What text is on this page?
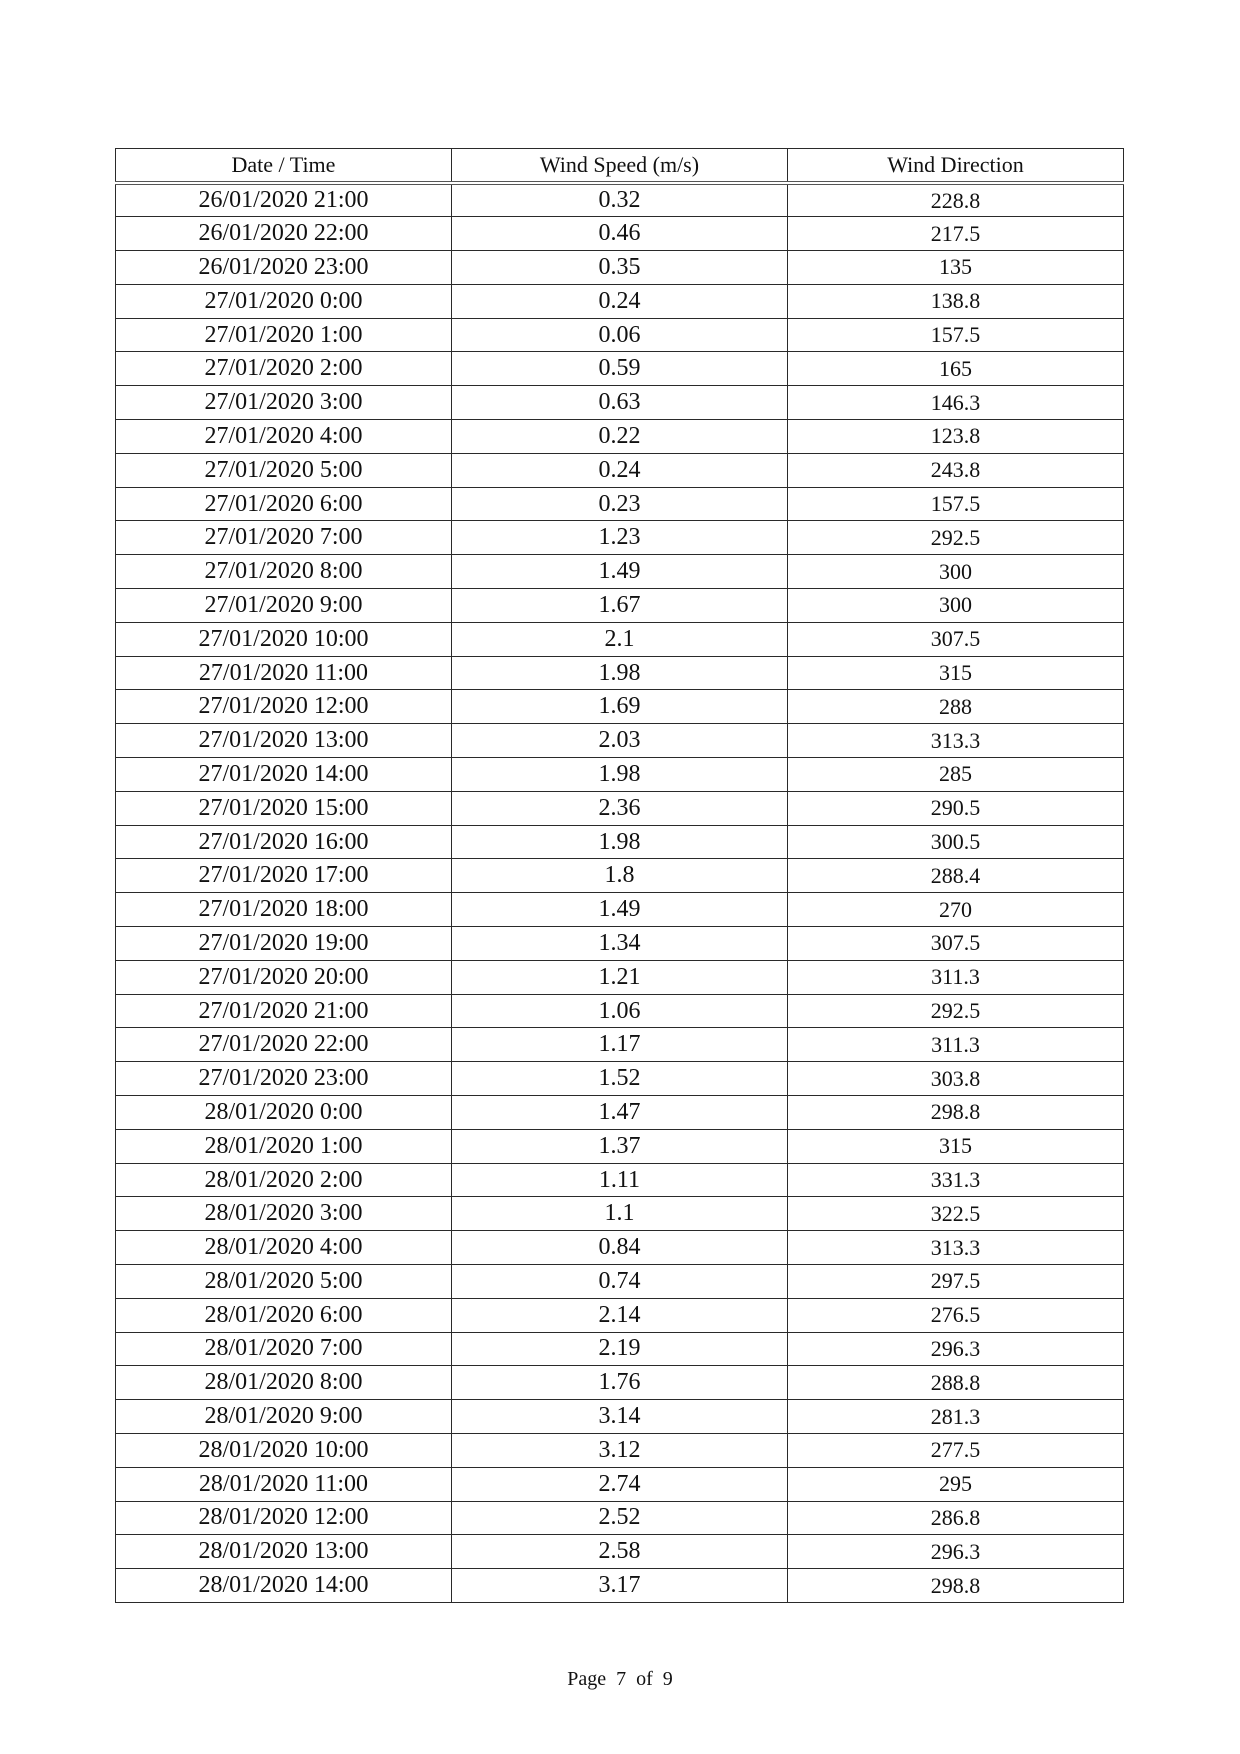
Date / Time	Wind Speed (m/s)	Wind Direction
26/01/2020 21:00	0.32	228.8
26/01/2020 22:00	0.46	217.5
26/01/2020 23:00	0.35	135
27/01/2020 0:00	0.24	138.8
27/01/2020 1:00	0.06	157.5
27/01/2020 2:00	0.59	165
27/01/2020 3:00	0.63	146.3
27/01/2020 4:00	0.22	123.8
27/01/2020 5:00	0.24	243.8
27/01/2020 6:00	0.23	157.5
27/01/2020 7:00	1.23	292.5
27/01/2020 8:00	1.49	300
27/01/2020 9:00	1.67	300
27/01/2020 10:00	2.1	307.5
27/01/2020 11:00	1.98	315
27/01/2020 12:00	1.69	288
27/01/2020 13:00	2.03	313.3
27/01/2020 14:00	1.98	285
27/01/2020 15:00	2.36	290.5
27/01/2020 16:00	1.98	300.5
27/01/2020 17:00	1.8	288.4
27/01/2020 18:00	1.49	270
27/01/2020 19:00	1.34	307.5
27/01/2020 20:00	1.21	311.3
27/01/2020 21:00	1.06	292.5
27/01/2020 22:00	1.17	311.3
27/01/2020 23:00	1.52	303.8
28/01/2020 0:00	1.47	298.8
28/01/2020 1:00	1.37	315
28/01/2020 2:00	1.11	331.3
28/01/2020 3:00	1.1	322.5
28/01/2020 4:00	0.84	313.3
28/01/2020 5:00	0.74	297.5
28/01/2020 6:00	2.14	276.5
28/01/2020 7:00	2.19	296.3
28/01/2020 8:00	1.76	288.8
28/01/2020 9:00	3.14	281.3
28/01/2020 10:00	3.12	277.5
28/01/2020 11:00	2.74	295
28/01/2020 12:00	2.52	286.8
28/01/2020 13:00	2.58	296.3
28/01/2020 14:00	3.17	298.8
Page 7 of 9
